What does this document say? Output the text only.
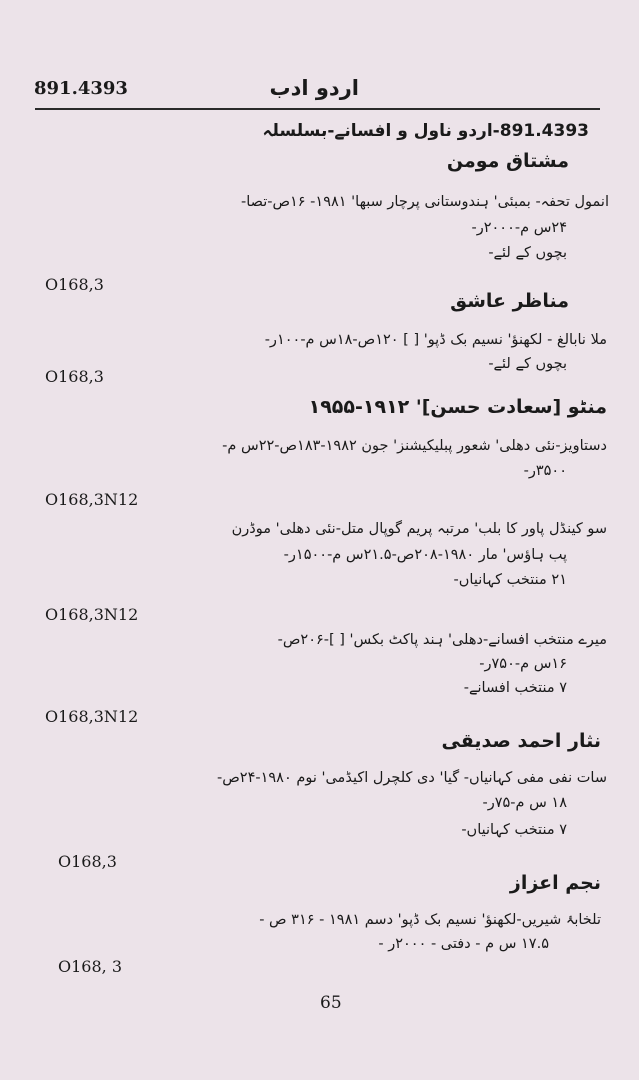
891.4393	اردو ادب
891.4393-اردو ناول و افسانے-بسلسلہ
مشتاق مومن
انمول تحفہ- بمبئی' ہندوستانی پرچار سبھا' ۱۹۸۱- ۱۶ص-تصا-
۲۴س م-۲۰۰۰ر-
بچوں کے لئے-
O168,3
مناظر عاشق
ملا نابالغ - لکھنؤ' نسیم بک ڈپو' [ ] ۱۲۰ص-۱۸س م-۱۰۰ر-
بچوں کے لئے-
O168,3
منٹو [سعادت حسن]' ۱۹۱۲-۱۹۵۵
دستاویز-نئی دھلی' شعور پبلیکیشنز' جون ۱۹۸۲-۱۸۳ص-۲۲س م-
۳۵۰۰ر-
O168,3N12
سو کینڈل پاور کا بلب' مرتبہ پریم گوپال متل-نئی دھلی' موڈرن
پب ہاؤس' مار ۱۹۸۰-۲۰۸ص-۲۱.۵س م-۱۵۰۰ر-
۲۱ منتخب کہانیاں-
O168,3N12
میرے منتخب افسانے-دھلی' ہند پاکٹ بکس' [ ]-۲۰۶ص-
۱۶س م-۷۵۰ر-
۷ منتخب افسانے-
O168,3N12
نثار احمد صدیقی
سات نفی مفی کہانیاں- گیا' دی کلچرل اکیڈمی' نوم ۱۹۸۰-۲۴ص-
۱۸ س م-۷۵ر-
۷ منتخب کہانیاں-
O168,3
نجم اعزاز
تلخابۂ شیریں-لکھنؤ' نسیم بک ڈپو' دسم ۱۹۸۱ - ۳۱۶ ص -
۱۷.۵ س م - دفتی - ۲۰۰۰ر -
O168, 3
65
